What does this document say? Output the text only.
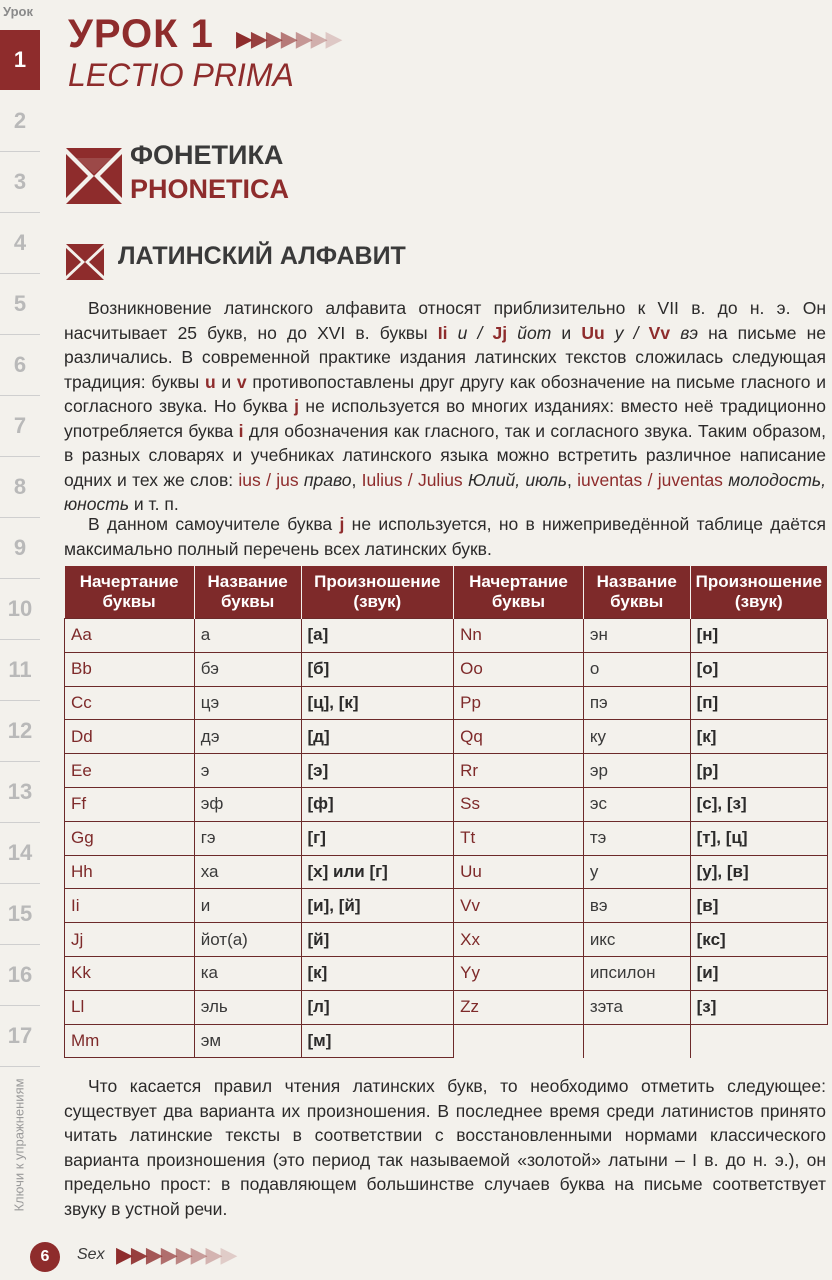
Урок
1
2
3
4
5
6
7
8
9
10
11
12
13
14
15
16
17
Ключи к упражнениям
УРОК 1 ▶▶▶▶▶▶▶
LECTIO PRIMA
ФОНЕТИКА
PHONETICA
ЛАТИНСКИЙ АЛФАВИТ
Возникновение латинского алфавита относят приблизительно к VII в. до н. э. Он насчитывает 25 букв, но до XVI в. буквы Ii и / Jj йот и Uu у / Vv вэ на письме не различались. В современной практике издания латинских текстов сложилась следующая традиция: буквы u и v противопоставлены друг другу как обозначение на письме гласного и согласного звука. Но буква j не используется во многих изданиях: вместо неё традиционно употребляется буква i для обозначения как гласного, так и согласного звука. Таким образом, в разных словарях и учебниках латинского языка можно встретить различное написание одних и тех же слов: ius / jus право, Iulius / Julius Юлий, июль, iuventas / juventas молодость, юность и т. п.
В данном самоучителе буква j не используется, но в нижеприведённой таблице даётся максимально полный перечень всех латинских букв.
Начертание буквы	Название буквы	Произношение (звук)	Начертание буквы	Название буквы	Произношение (звук)
Aa	а	[а]	Nn	эн	[н]
Bb	бэ	[б]	Oo	о	[о]
Cc	цэ	[ц], [к]	Pp	пэ	[п]
Dd	дэ	[д]	Qq	ку	[к]
Ee	э	[э]	Rr	эр	[р]
Ff	эф	[ф]	Ss	эс	[с], [з]
Gg	гэ	[г]	Tt	тэ	[т], [ц]
Hh	ха	[х] или [г]	Uu	у	[у], [в]
Ii	и	[и], [й]	Vv	вэ	[в]
Jj	йот(а)	[й]	Xx	икс	[кс]
Kk	ка	[к]	Yy	ипсилон	[и]
Ll	эль	[л]	Zz	зэта	[з]
Mm	эм	[м]			
Что касается правил чтения латинских букв, то необходимо отметить следующее: существует два варианта их произношения. В последнее время среди латинистов принято читать латинские тексты в соответствии с восстановленными нормами классического варианта произношения (это период так называемой «золотой» латыни – I в. до н. э.), он предельно прост: в подавляющем большинстве случаев буква на письме соответствует звуку в устной речи.
6	Sex ▶▶▶▶▶▶▶▶
